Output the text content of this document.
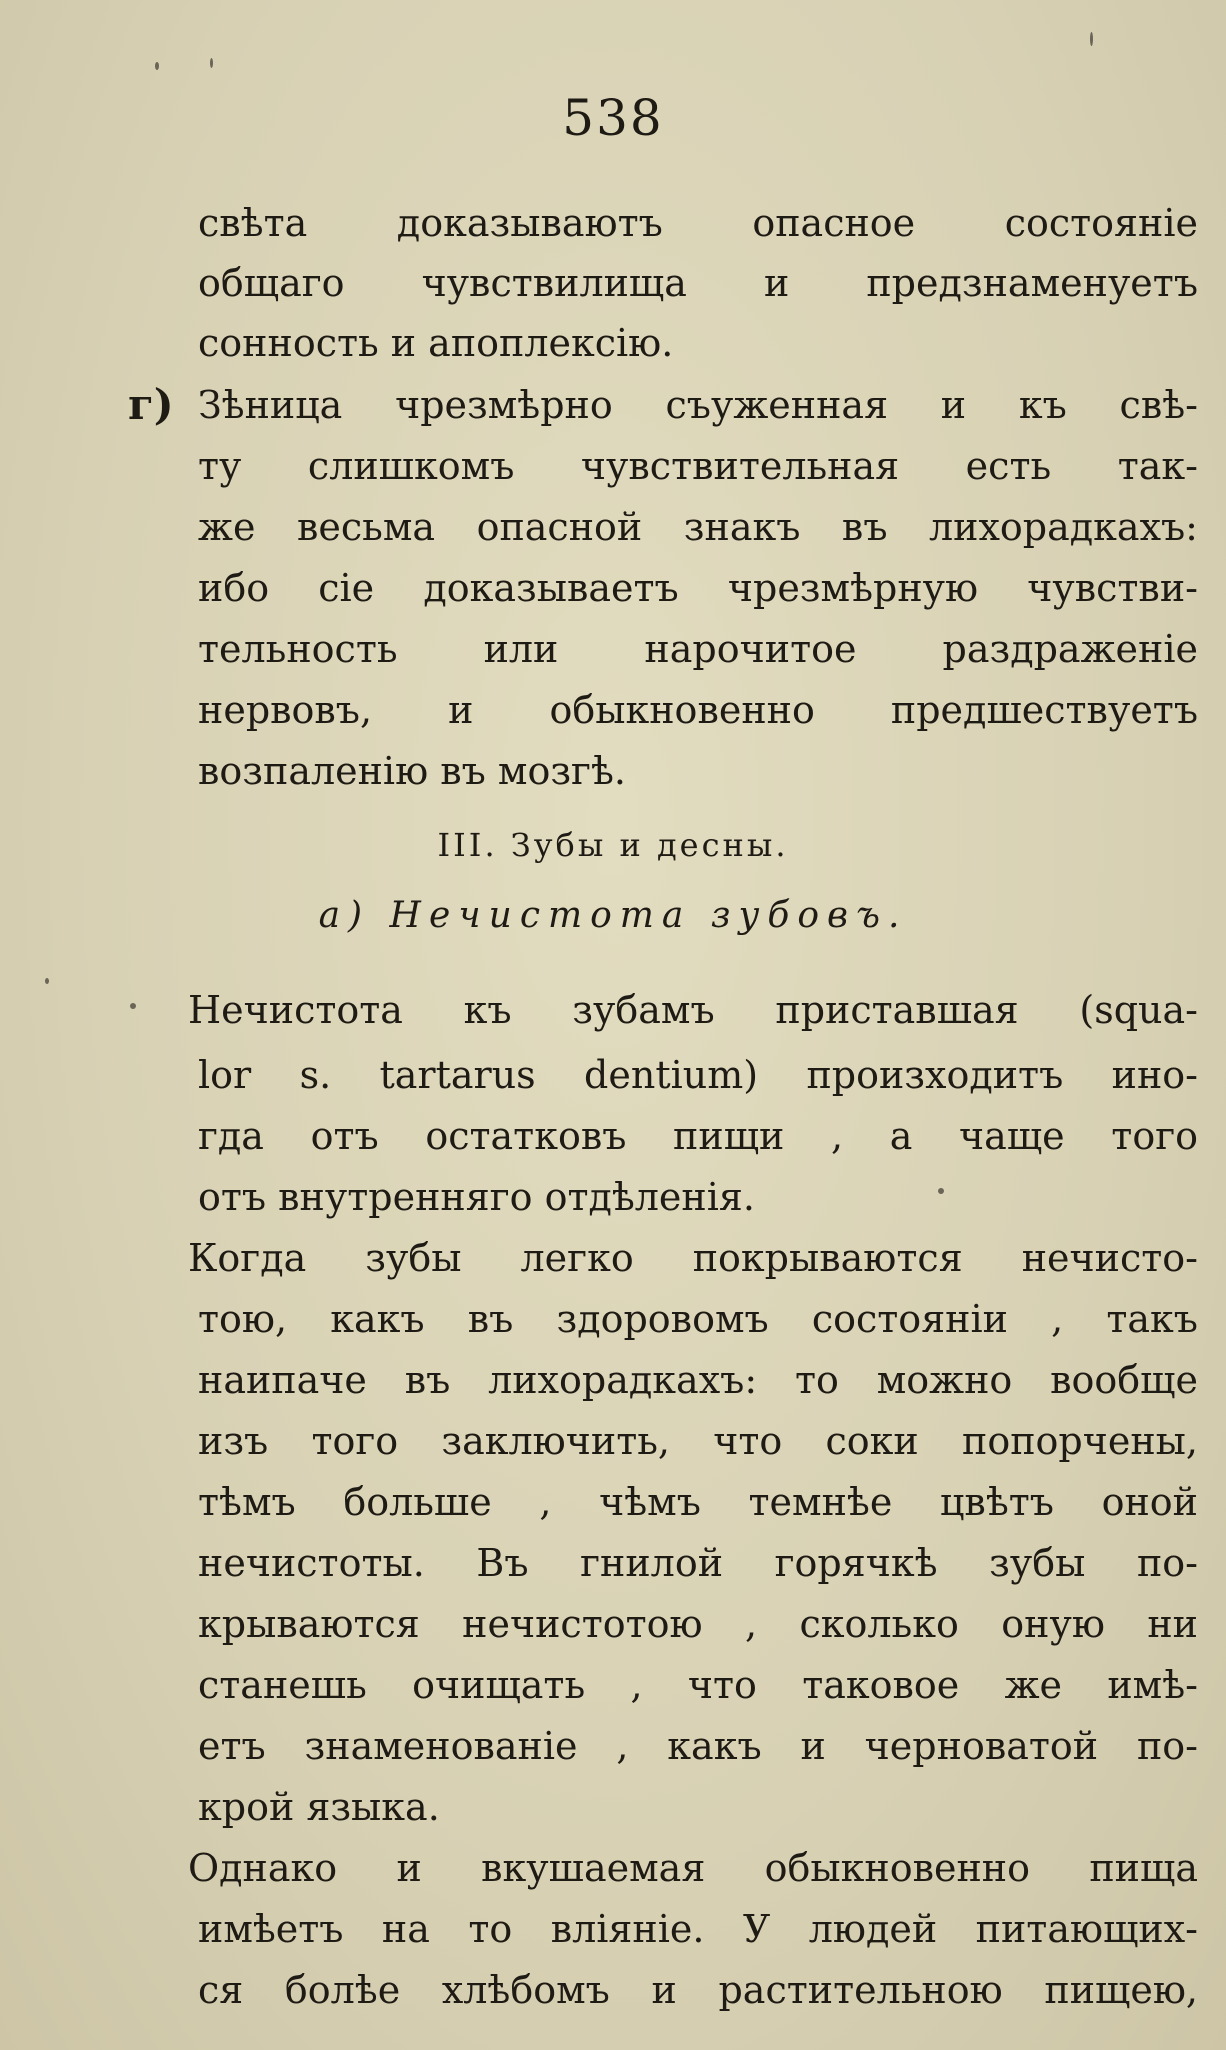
538
свѣта доказываютъ опасное состоянiе
общаго чувствилища и предзнаменуетъ
сонность и апоплексiю.
г) Зѣница чрезмѣрно съуженная и къ свѣ-
ту слишкомъ чувствительная есть так-
же весьма опасной знакъ въ лихорадкахъ:
ибо сiе доказываетъ чрезмѣрную чувстви-
тельность или нарочитое раздраженiе
нервовъ, и обыкновенно предшествуетъ
возпаленiю въ мозгѣ.
III. Зубы и десны.
а) Нечистота зубовъ.
Нечистота къ зубамъ приставшая (squa-
lor s. tartarus dentium) произходитъ ино-
гда отъ остатковъ пищи , а чаще того
отъ внутренняго отдѣленiя.
Когда зубы легко покрываются нечисто-
тою, какъ въ здоровомъ состоянiи , такъ
наипаче въ лихорадкахъ: то можно вообще
изъ того заключить, что соки попорчены,
тѣмъ больше , чѣмъ темнѣе цвѣтъ оной
нечистоты. Въ гнилой горячкѣ зубы по-
крываются нечистотою , сколько оную ни
станешь очищать , что таковое же имѣ-
етъ знаменованiе , какъ и черноватой по-
крой языка.
Однако и вкушаемая обыкновенно пища
имѣетъ на то влiянiе. У людей питающих-
ся болѣе хлѣбомъ и растительною пищею,
